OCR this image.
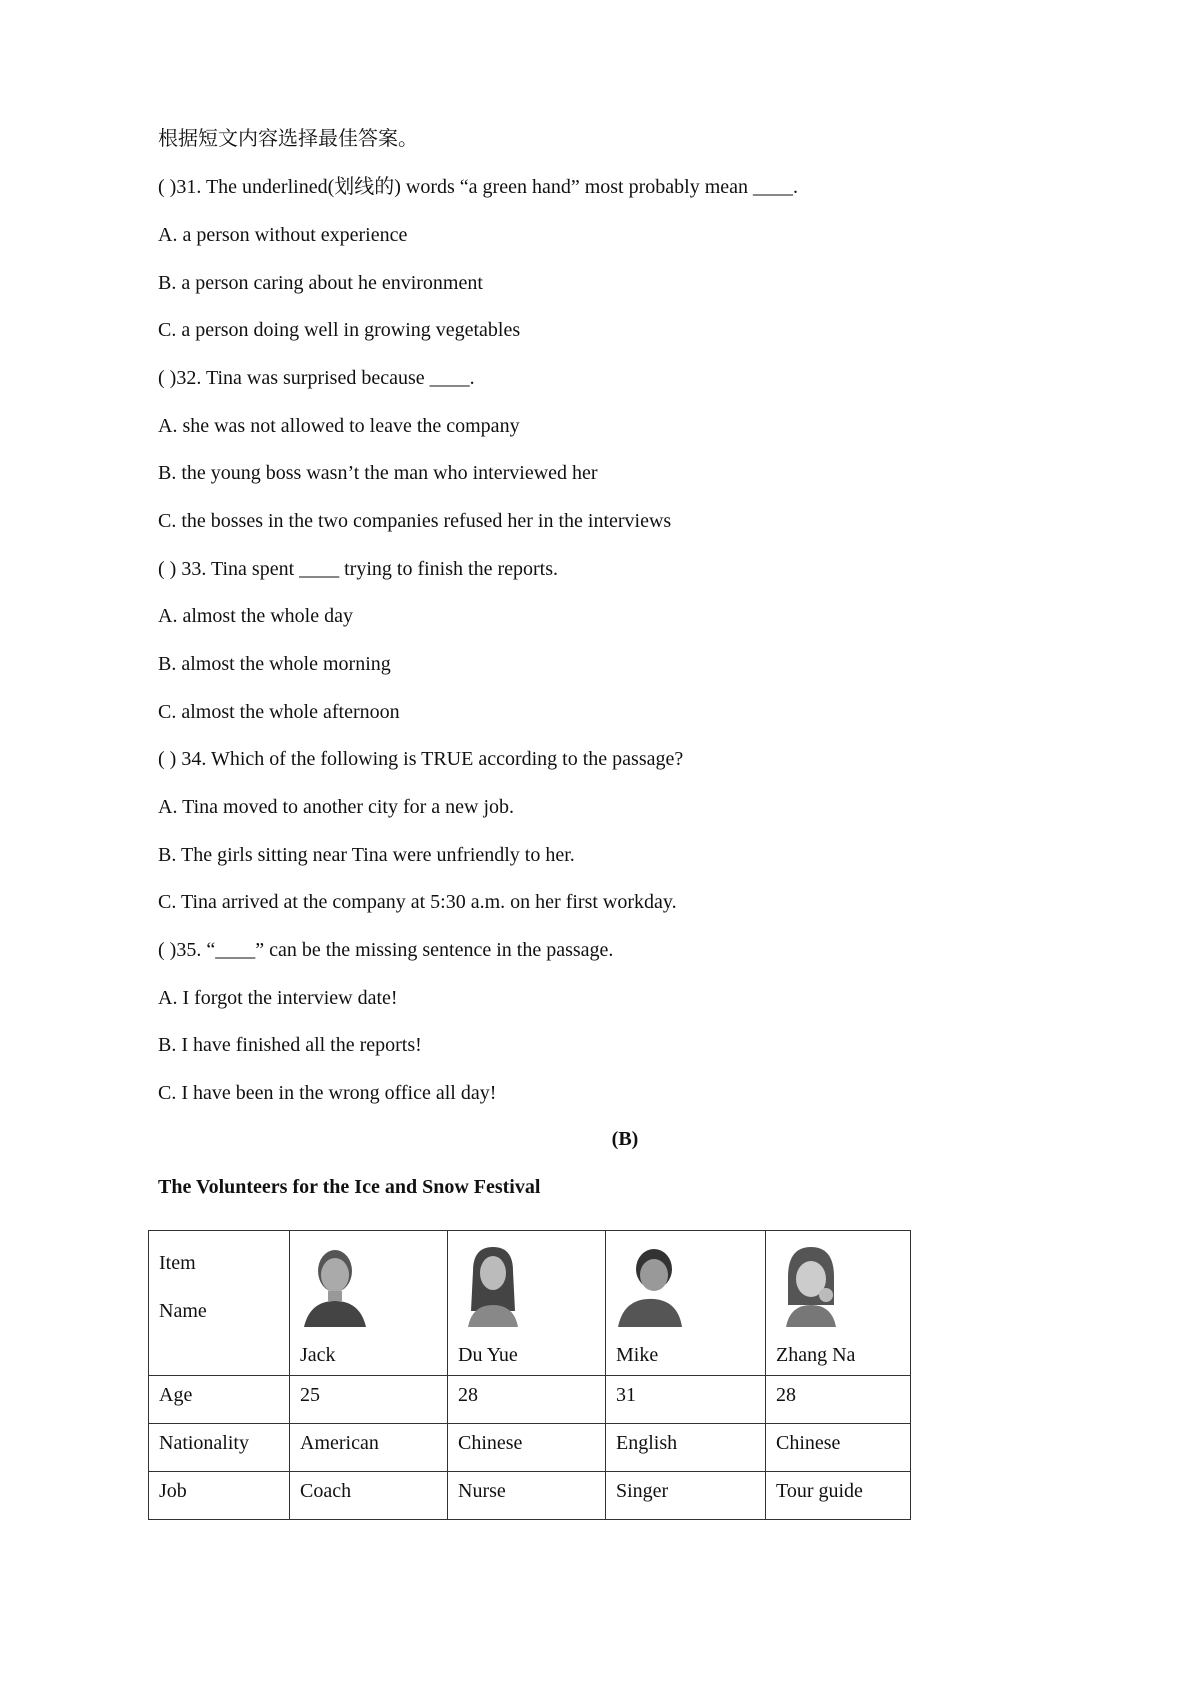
根据短文内容选择最佳答案。
( )31. The underlined(划线的) words “a green hand” most probably mean ____.
A. a person without experience
B. a person caring about he environment
C. a person doing well in growing vegetables
( )32. Tina was surprised because ____.
A. she was not allowed to leave the company
B. the young boss wasn’t the man who interviewed her
C. the bosses in the two companies refused her in the interviews
( ) 33. Tina spent ____ trying to finish the reports.
A. almost the whole day
B. almost the whole morning
C. almost the whole afternoon
( ) 34. Which of the following is TRUE according to the passage?
A. Tina moved to another city for a new job.
B. The girls sitting near Tina were unfriendly to her.
C. Tina arrived at the company at 5:30 a.m. on her first workday.
( )35. “____” can be the missing sentence in the passage.
A. I forgot the interview date!
B. I have finished all the reports!
C. I have been in the wrong office all day!
(B)
The Volunteers for the Ice and Snow Festival
Item
Name	Jack	Du Yue	Mike	Zhang Na

Age	25	28	31	28
Nationality	American	Chinese	English	Chinese
Job	Coach	Nurse	Singer	Tour guide
